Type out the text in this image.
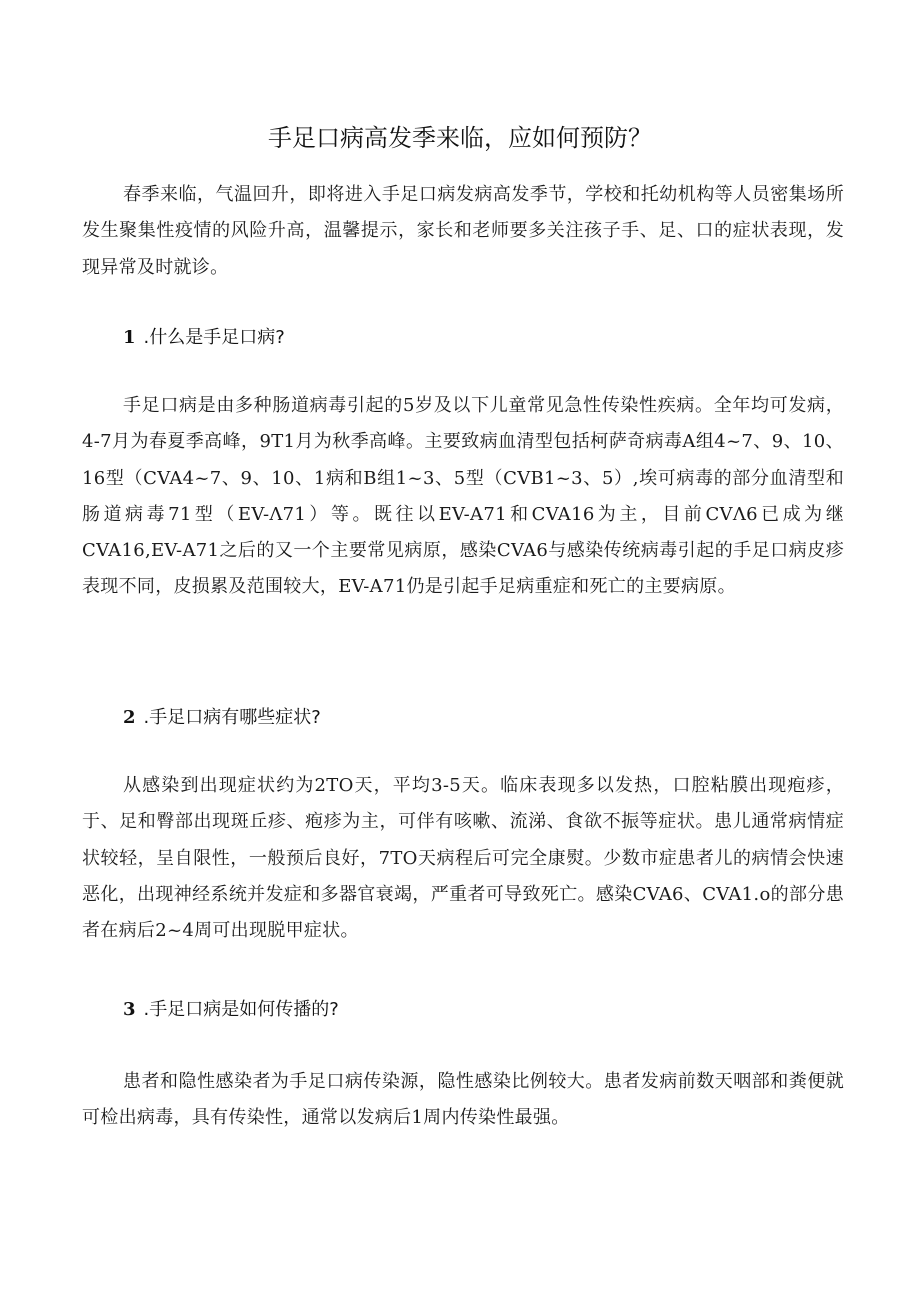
手足口病高发季来临，应如何预防？

春季来临，气温回升，即将进入手足口病发病高发季节，学校和托幼机构等人员密集场所发生聚集性疫情的风险升高，温馨提示，家长和老师要多关注孩子手、足、口的症状表现，发现异常及时就诊。

1 .什么是手足口病?

手足口病是由多种肠道病毒引起的5岁及以下儿童常见急性传染性疾病。全年均可发病，4-7月为春夏季高峰，9T1月为秋季高峰。主要致病血清型包括柯萨奇病毒A组4~7、9、10、16型（CVA4~7、9、10、1病和B组1~3、5型（CVB1~3、5）,埃可病毒的部分血清型和肠道病毒71型（EV-Λ71）等。既往以EV-A71和CVA16为主，目前CVΛ6已成为继CVA16,EV-A71之后的又一个主要常见病原，感染CVA6与感染传统病毒引起的手足口病皮疹表现不同，皮损累及范围较大，EV-A71仍是引起手足病重症和死亡的主要病原。

2 .手足口病有哪些症状?

从感染到出现症状约为2TO天，平均3-5天。临床表现多以发热，口腔粘膜出现疱疹，于、足和臀部出现斑丘疹、疱疹为主，可伴有咳嗽、流涕、食欲不振等症状。患儿通常病情症状较轻，呈自限性，一般预后良好，7TO天病程后可完全康熨。少数市症患者儿的病情会快速恶化，出现神经系统并发症和多器官衰竭，严重者可导致死亡。感染CVA6、CVA1.o的部分患者在病后2~4周可出现脱甲症状。

3 .手足口病是如何传播的?

患者和隐性感染者为手足口病传染源，隐性感染比例较大。患者发病前数天咽部和粪便就可检出病毒，具有传染性，通常以发病后1周内传染性最强。
